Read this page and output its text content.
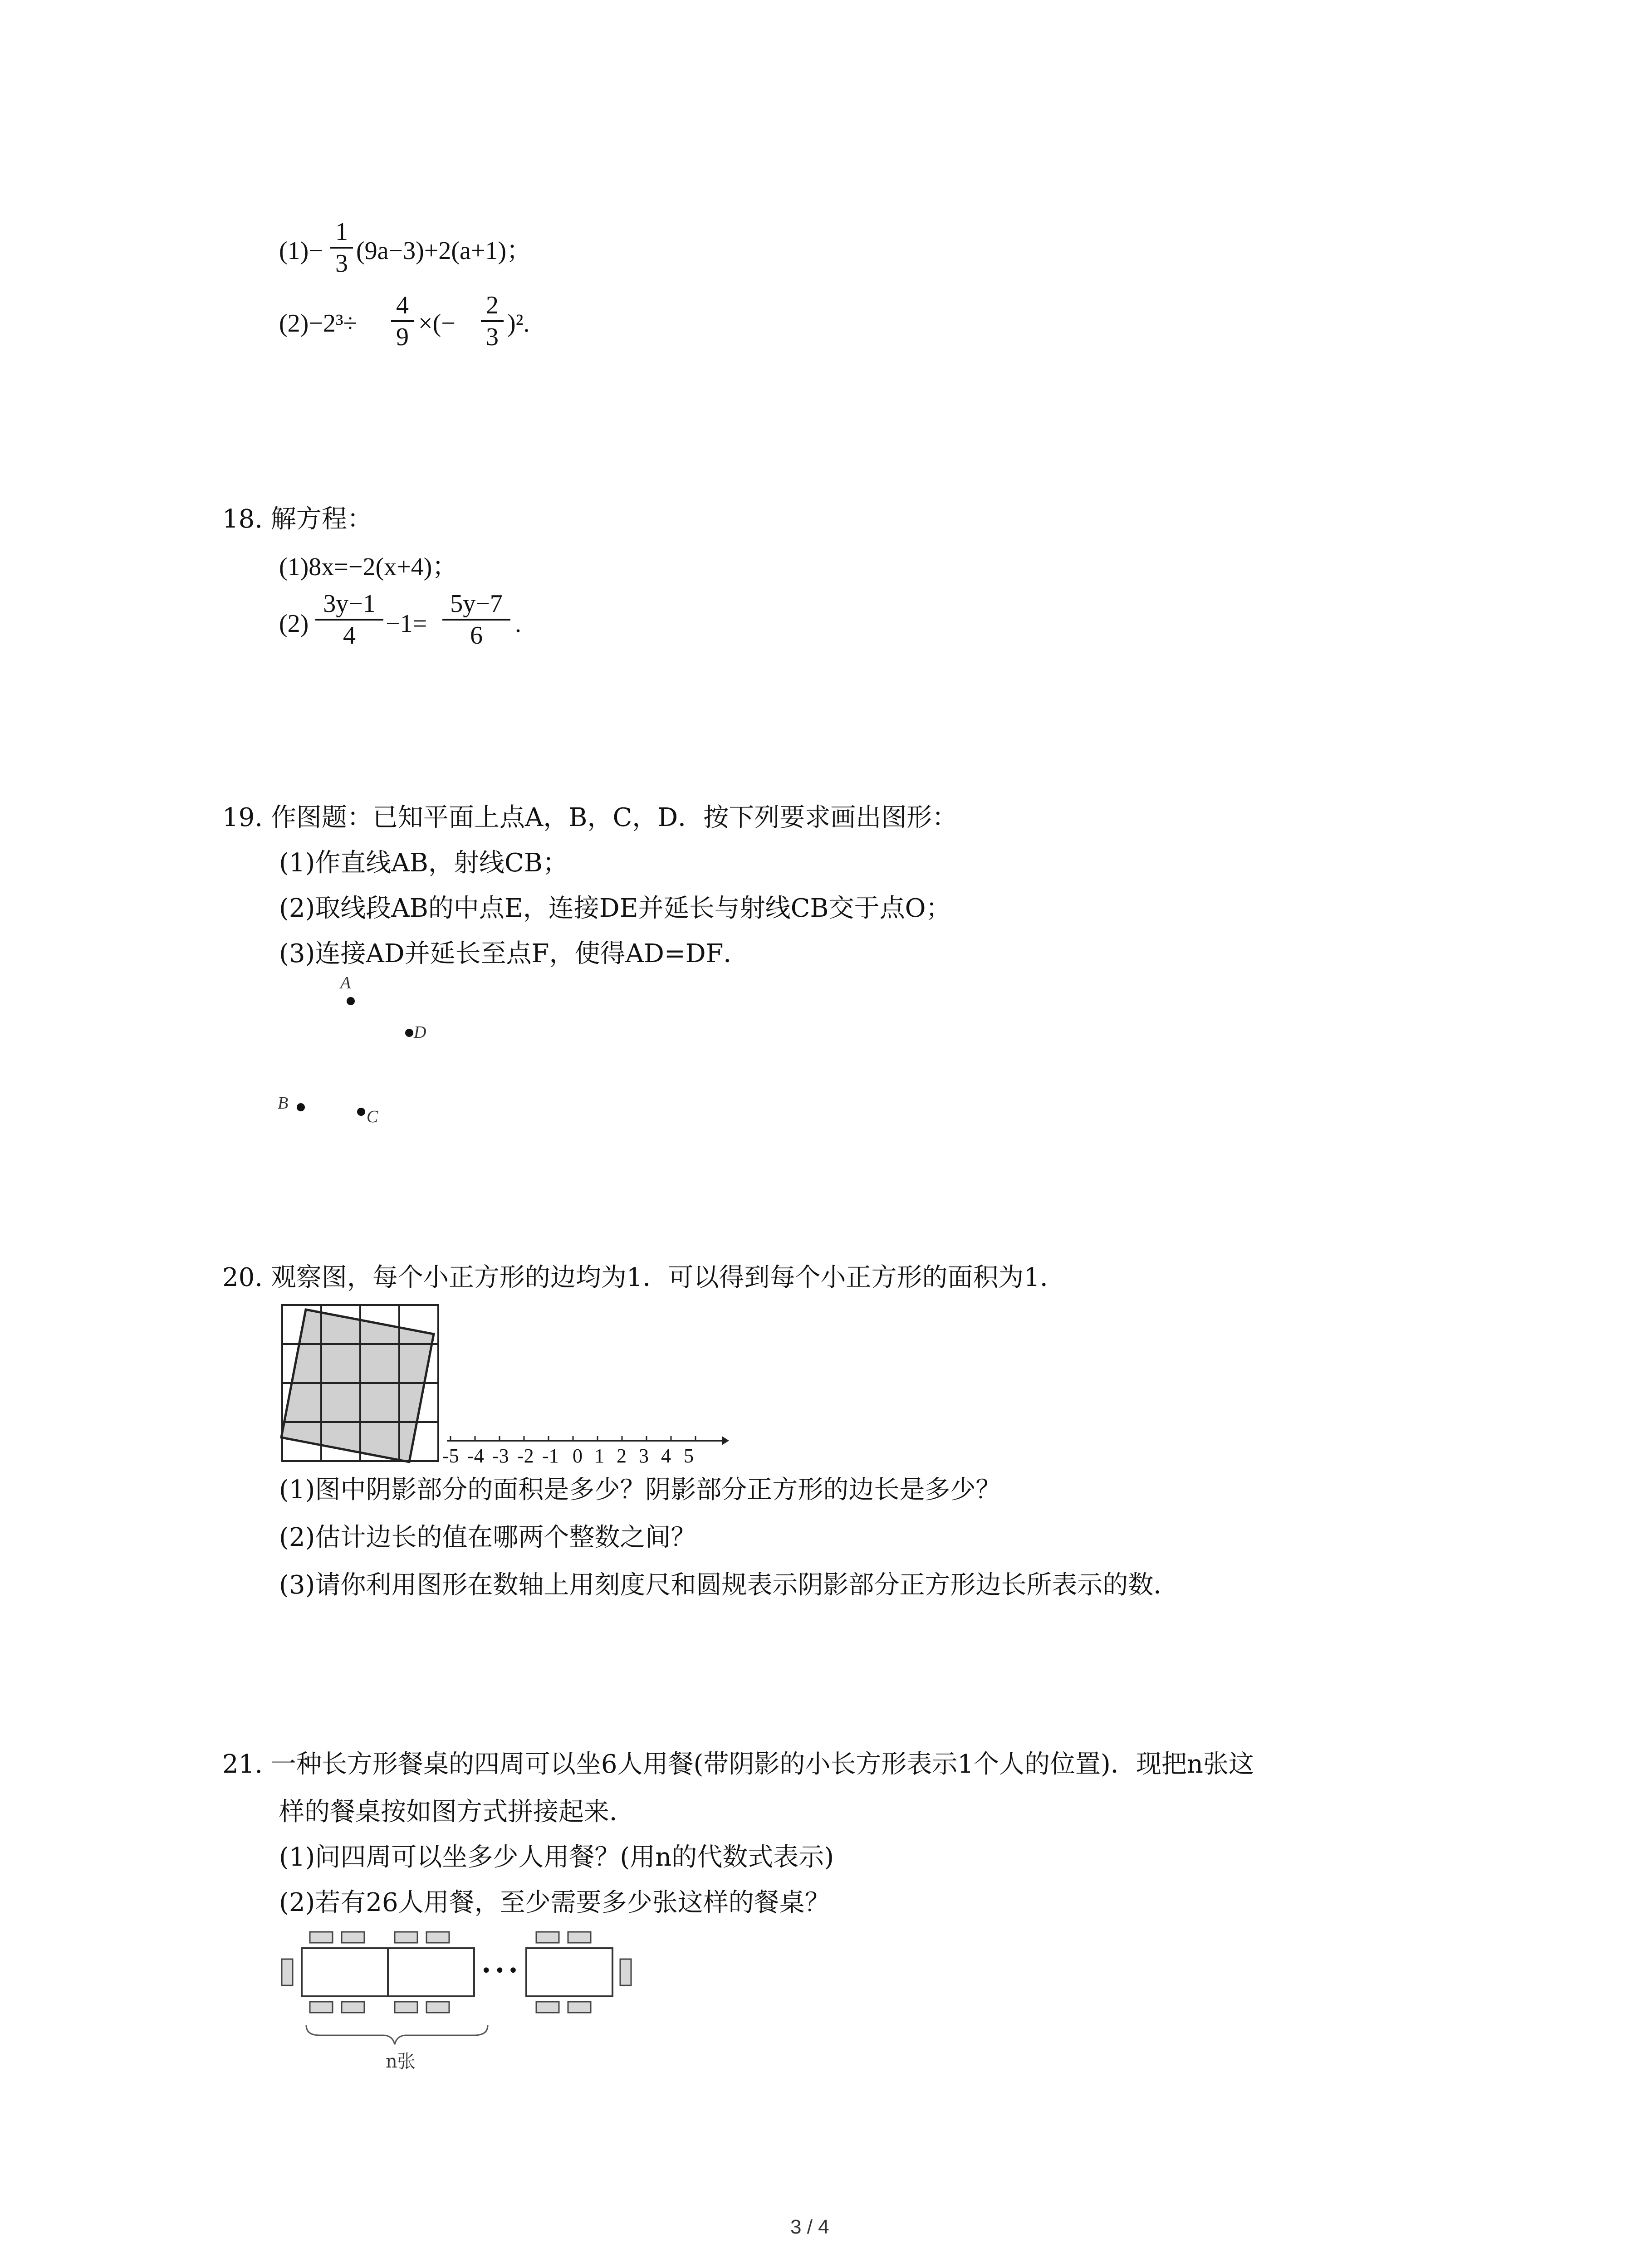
(1)−
1
3 (9a−3)+2(a+1)；
(2)−2³÷
4
9 ×(−
2
3 )².
18. 解方程：
(1)8x=−2(x+4)；
(2)
3y−1
4	−1=
5y−7
6	.
19. 作图题：已知平面上点A，B，C，D．按下列要求画出图形：
(1)作直线AB，射线CB；
(2)取线段AB的中点E，连接DE并延长与射线CB交于点O；
(3)连接AD并延长至点F，使得AD=DF．
A
D
B
C
20. 观察图，每个小正方形的边均为1．可以得到每个小正方形的面积为1．
-5 -4 -3 -2 -1 0 1 2 3 4 5
(1)图中阴影部分的面积是多少？阴影部分正方形的边长是多少？
(2)估计边长的值在哪两个整数之间？
(3)请你利用图形在数轴上用刻度尺和圆规表示阴影部分正方形边长所表示的数．
21. 一种长方形餐桌的四周可以坐6人用餐(带阴影的小长方形表示1个人的位置)．现把n张这
样的餐桌按如图方式拼接起来．
(1)问四周可以坐多少人用餐？(用n的代数式表示)
(2)若有26人用餐，至少需要多少张这样的餐桌？
•••
n张
3 / 4
